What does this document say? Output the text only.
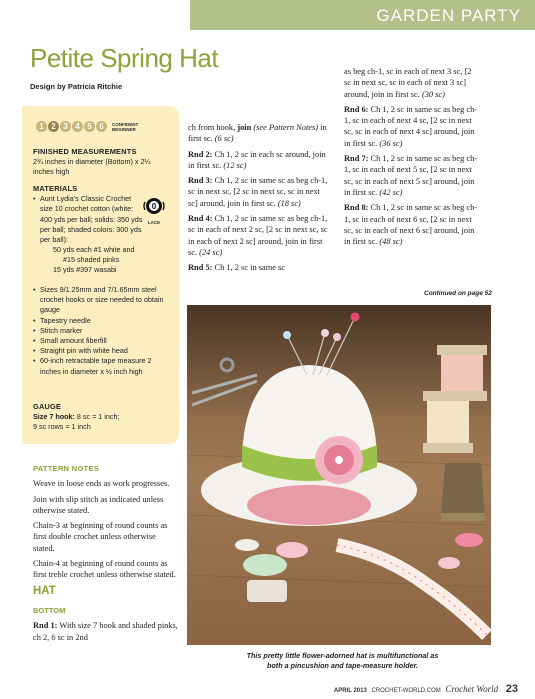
GARDEN PARTY
Petite Spring Hat
Design by Patricia Ritchie
1 2 3 4 5 6	CONFIDENT
BEGINNER
FINISHED MEASUREMENTS
2¾ inches in diameter (Bottom) x 2¼ inches high
MATERIALS
• Aunt Lydia’s Classic Crochet size 10 crochet cotton (white: 400 yds per ball; solids: 350 yds per ball; shaded colors: 300 yds per ball):
50 yds each #1 white and
#15 shaded pinks
15 yds #397 wasabi
• Sizes 9/1.25mm and 7/1.65mm steel crochet hooks or size needed to obtain gauge
• Tapestry needle
• Stitch marker
• Small amount fiberfill
• Straight pin with white head
• 60-inch retractable tape measure 2 inches in diameter x ½ inch high
0
LACE
GAUGE
Size 7 hook: 8 sc = 1 inch;
9 sc rows = 1 inch
PATTERN NOTES

Weave in loose ends as work progresses.

Join with slip stitch as indicated unless otherwise stated.

Chain-3 at beginning of round counts as first double crochet unless otherwise stated.

Chain-4 at beginning of round counts as first treble crochet unless otherwise stated.

HAT
BOTTOM

Rnd 1: With size 7 hook and shaded pinks, ch 2, 6 sc in 2nd

ch from hook, join (see Pattern Notes) in first sc. (6 sc)

Rnd 2: Ch 1, 2 sc in each sc around, join in first sc. (12 sc)

Rnd 3: Ch 1, 2 sc in same sc as beg ch-1, sc in next sc, [2 sc in next sc, sc in next sc] around, join in first sc. (18 sc)

Rnd 4: Ch 1, 2 sc in same sc as beg ch-1, sc in each of next 2 sc, [2 sc in next sc, sc in each of next 2 sc] around, join in first sc. (24 sc)

Rnd 5: Ch 1, 2 sc in same sc

as beg ch-1, sc in each of next 3 sc, [2 sc in next sc, sc in each of next 3 sc] around, join in first sc. (30 sc)

Rnd 6: Ch 1, 2 sc in same sc as beg ch-1, sc in each of next 4 sc, [2 sc in next sc, sc in each of next 4 sc] around, join in first sc. (36 sc)

Rnd 7: Ch 1, 2 sc in same sc as beg ch-1, sc in each of next 5 sc, [2 sc in next sc, sc in each of next 5 sc] around, join in first sc. (42 sc)

Rnd 8: Ch 1, 2 sc in same sc as beg ch-1, sc in each of next 6 sc, [2 sc in next sc, sc in each of next 6 sc] around, join in first sc. (48 sc)

Continued on page 52
This pretty little flower-adorned hat is multifunctional as
both a pincushion and tape-measure holder.
APRIL 2013 CROCHET-WORLD.COM Crochet World 23
